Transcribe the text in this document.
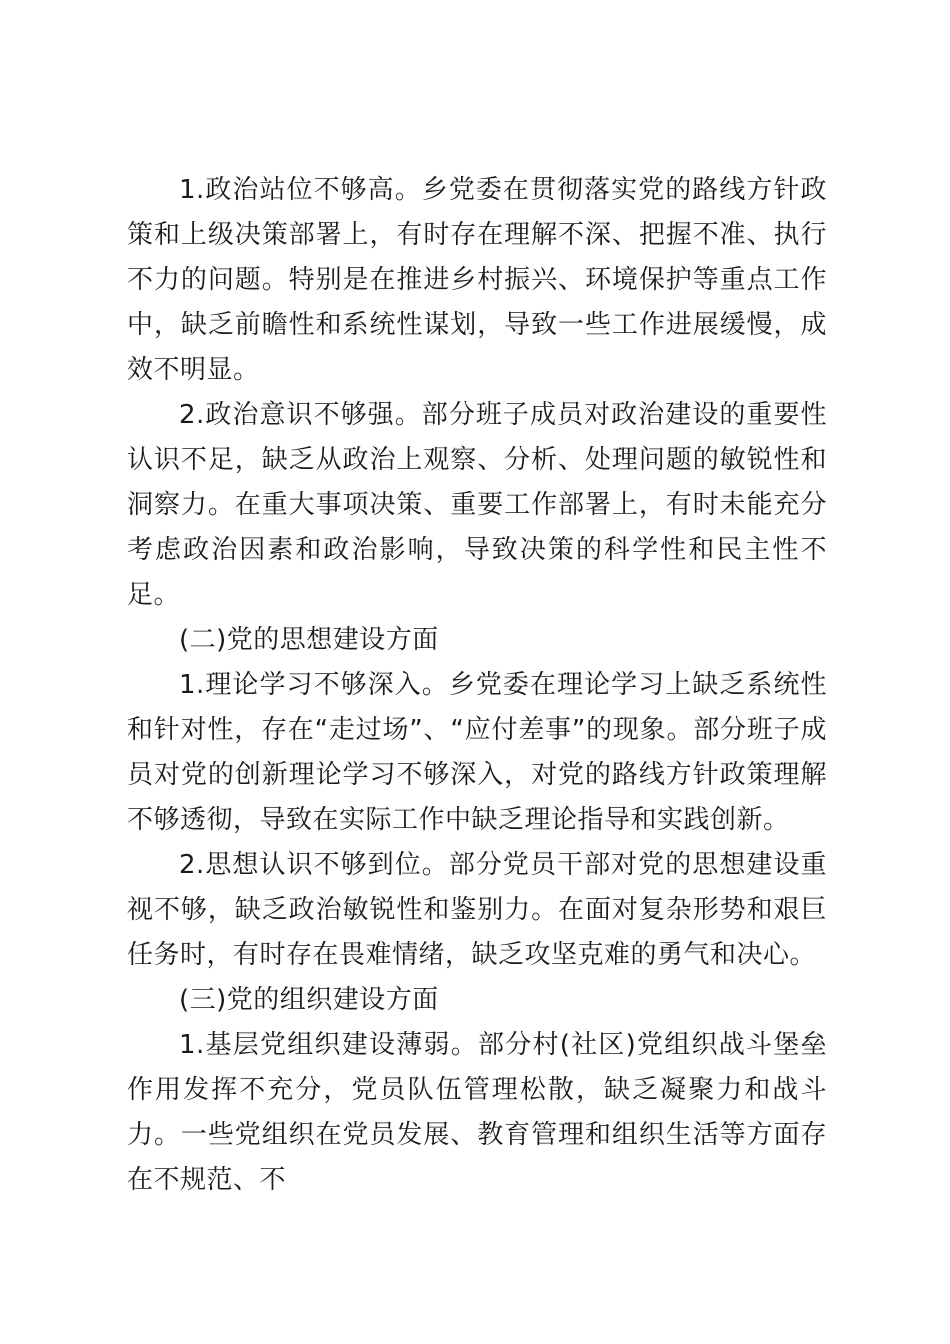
1.政治站位不够高。乡党委在贯彻落实党的路线方针政策和上级决策部署上，有时存在理解不深、把握不准、执行不力的问题。特别是在推进乡村振兴、环境保护等重点工作中，缺乏前瞻性和系统性谋划，导致一些工作进展缓慢，成效不明显。

2.政治意识不够强。部分班子成员对政治建设的重要性认识不足，缺乏从政治上观察、分析、处理问题的敏锐性和洞察力。在重大事项决策、重要工作部署上，有时未能充分考虑政治因素和政治影响，导致决策的科学性和民主性不足。

(二)党的思想建设方面

1.理论学习不够深入。乡党委在理论学习上缺乏系统性和针对性，存在“走过场”、“应付差事”的现象。部分班子成员对党的创新理论学习不够深入，对党的路线方针政策理解不够透彻，导致在实际工作中缺乏理论指导和实践创新。

2.思想认识不够到位。部分党员干部对党的思想建设重视不够，缺乏政治敏锐性和鉴别力。在面对复杂形势和艰巨任务时，有时存在畏难情绪，缺乏攻坚克难的勇气和决心。

(三)党的组织建设方面

1.基层党组织建设薄弱。部分村(社区)党组织战斗堡垒作用发挥不充分，党员队伍管理松散，缺乏凝聚力和战斗力。一些党组织在党员发展、教育管理和组织生活等方面存在不规范、不
